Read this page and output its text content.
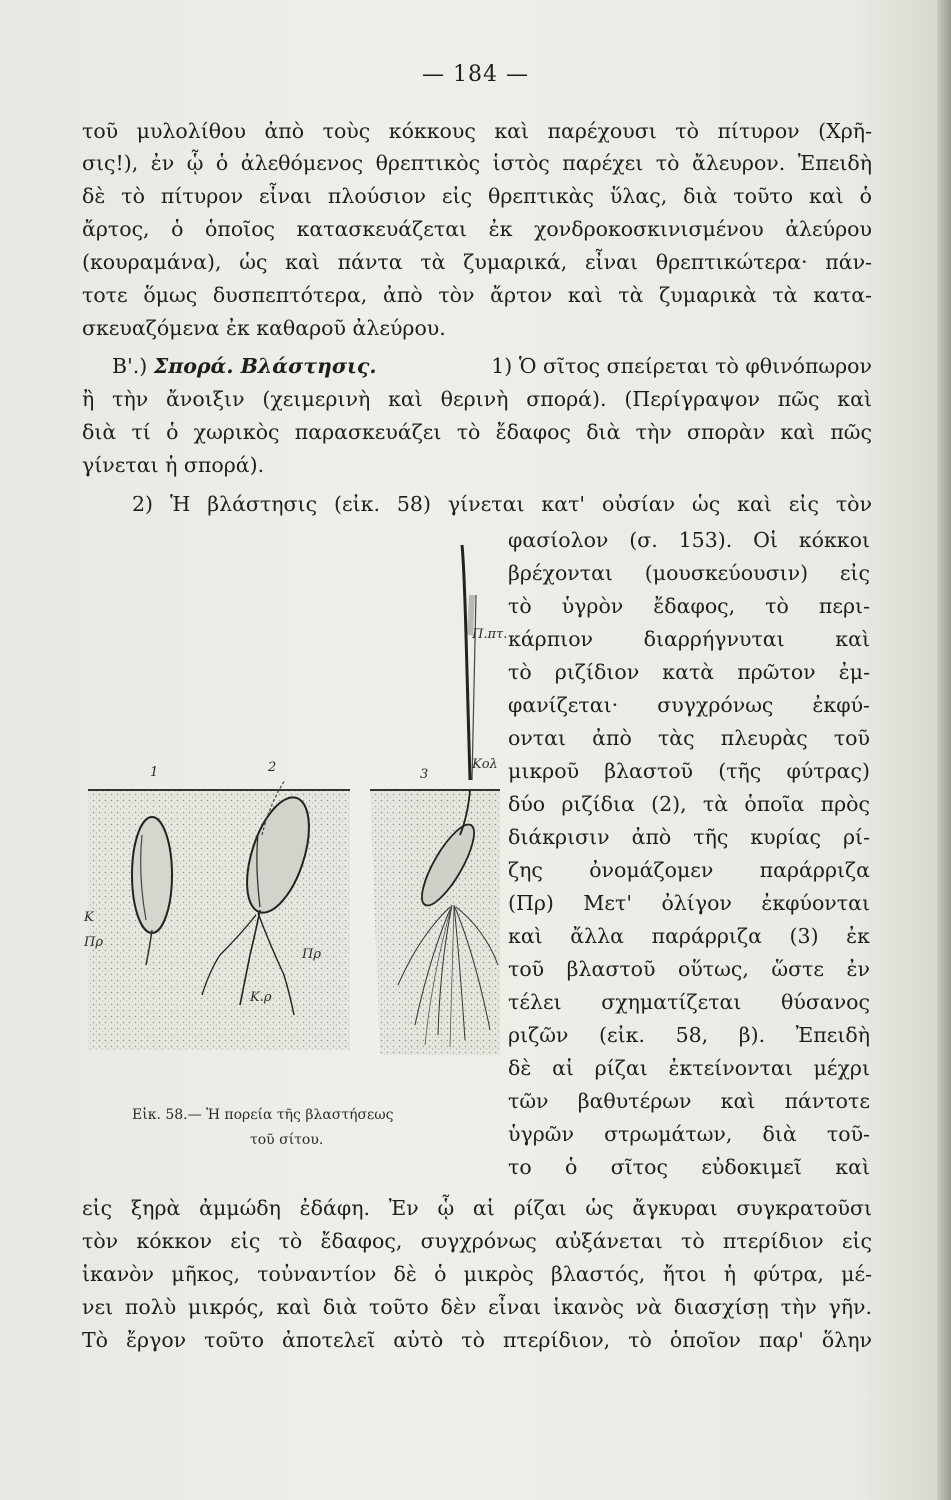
— 184 —
τοῦ μυλολίθου ἀπὸ τοὺς κόκκους καὶ παρέχουσι τὸ πίτυρον (Χρῆ-
σις!), ἐν ᾧ ὁ ἀλεθόμενος θρεπτικὸς ἱστὸς παρέχει τὸ ἄλευρον. Ἐπειδὴ
δὲ τὸ πίτυρον εἶναι πλούσιον εἰς θρεπτικὰς ὕλας, διὰ τοῦτο καὶ ὁ
ἄρτος, ὁ ὁποῖος κατασκευάζεται ἐκ χονδροκοσκινισμένου ἀλεύρου
(κουραμάνα), ὡς καὶ πάντα τὰ ζυμαρικά, εἶναι θρεπτικώτερα· πάν-
τοτε ὅμως δυσπεπτότερα, ἀπὸ τὸν ἄρτον καὶ τὰ ζυμαρικὰ τὰ κατα-
σκευαζόμενα ἐκ καθαροῦ ἀλεύρου.
Β'.) Σπορά. Βλάστησις.	1) Ὁ σῖτος σπείρεται τὸ φθινόπωρον
ἢ τὴν ἄνοιξιν (χειμερινὴ καὶ θερινὴ σπορά). (Περίγραψον πῶς καὶ
διὰ τί ὁ χωρικὸς παρασκευάζει τὸ ἔδαφος διὰ τὴν σπορὰν καὶ πῶς
γίνεται ἡ σπορά).
2) Ἡ βλάστησις (εἰκ. 58) γίνεται κατ' οὐσίαν ὡς καὶ εἰς τὸν
φασίολον (σ. 153). Οἱ κόκκοι
βρέχονται (μουσκεύουσιν) εἰς
τὸ ὑγρὸν ἔδαφος, τὸ περι-
κάρπιον διαρρήγνυται καὶ
τὸ ριζίδιον κατὰ πρῶτον ἐμ-
φανίζεται· συγχρόνως ἐκφύ-
ονται ἀπὸ τὰς πλευρὰς τοῦ
μικροῦ βλαστοῦ (τῆς φύτρας)
δύο ριζίδια (2), τὰ ὁποῖα πρὸς
διάκρισιν ἀπὸ τῆς κυρίας ρί-
ζης ὀνομάζομεν παράρριζα
(Πρ) Μετ' ὀλίγον ἐκφύονται
καὶ ἄλλα παράρριζα (3) ἐκ
τοῦ βλαστοῦ οὕτως, ὥστε ἐν
τέλει σχηματίζεται θύσανος
ριζῶν (εἰκ. 58, β). Ἐπειδὴ
δὲ αἱ ρίζαι ἐκτείνονται μέχρι
τῶν βαθυτέρων καὶ πάντοτε
ὑγρῶν στρωμάτων, διὰ τοῦ-
το ὁ σῖτος εὐδοκιμεῖ καὶ
1	2	3
Π.πτ.
Κολ
Κ
Πρ
Πρ
Κ.ρ
Εἰκ. 58.— Ἡ πορεία τῆς βλαστήσεως
τοῦ σίτου.
εἰς ξηρὰ ἀμμώδη ἐδάφη. Ἐν ᾧ αἱ ρίζαι ὡς ἄγκυραι συγκρατοῦσι
τὸν κόκκον εἰς τὸ ἔδαφος, συγχρόνως αὐξάνεται τὸ πτερίδιον εἰς
ἱκανὸν μῆκος, τοὐναντίον δὲ ὁ μικρὸς βλαστός, ἤτοι ἡ φύτρα, μέ-
νει πολὺ μικρός, καὶ διὰ τοῦτο δὲν εἶναι ἱκανὸς νὰ διασχίσῃ τὴν γῆν.
Τὸ ἔργον τοῦτο ἀποτελεῖ αὐτὸ τὸ πτερίδιον, τὸ ὁποῖον παρ' ὅλην
